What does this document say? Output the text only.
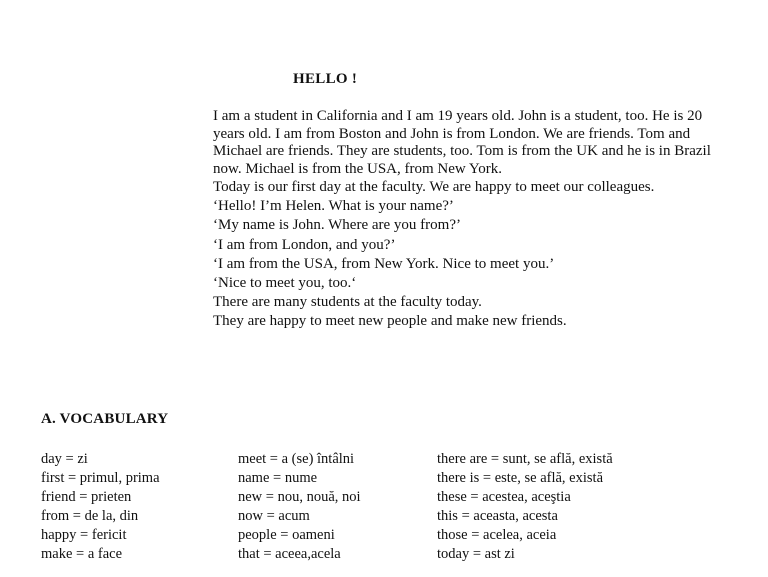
HELLO !

I am a student in California and I am 19 years old. John is a student, too. He is 20 years old. I am from Boston and John is from London. We are friends. Tom and Michael are friends. They are students, too. Tom is from the UK and he is in Brazil now. Michael is from the USA, from New York.

Today is our first day at the faculty. We are happy to meet our colleagues.

‘Hello! I’m Helen. What is your name?’

‘My name is John. Where are you from?’

‘I am from London, and you?’

‘I am from the USA, from New York. Nice to meet you.’

‘Nice to meet you, too.‘

There are many students at the faculty today.

They are happy to meet new people and make new friends.

A. VOCABULARY
day = zi
first = primul, prima
friend = prieten
from = de la, din
happy = fericit
make = a face
meet = a (se) întâlni
name = nume
new = nou, nouă, noi
now = acum
people = oameni
that = aceea,acela
there are = sunt, se află, există
there is = este, se află, există
these = acestea, aceştia
this = aceasta, acesta
those = acelea, aceia
today = ast zi
